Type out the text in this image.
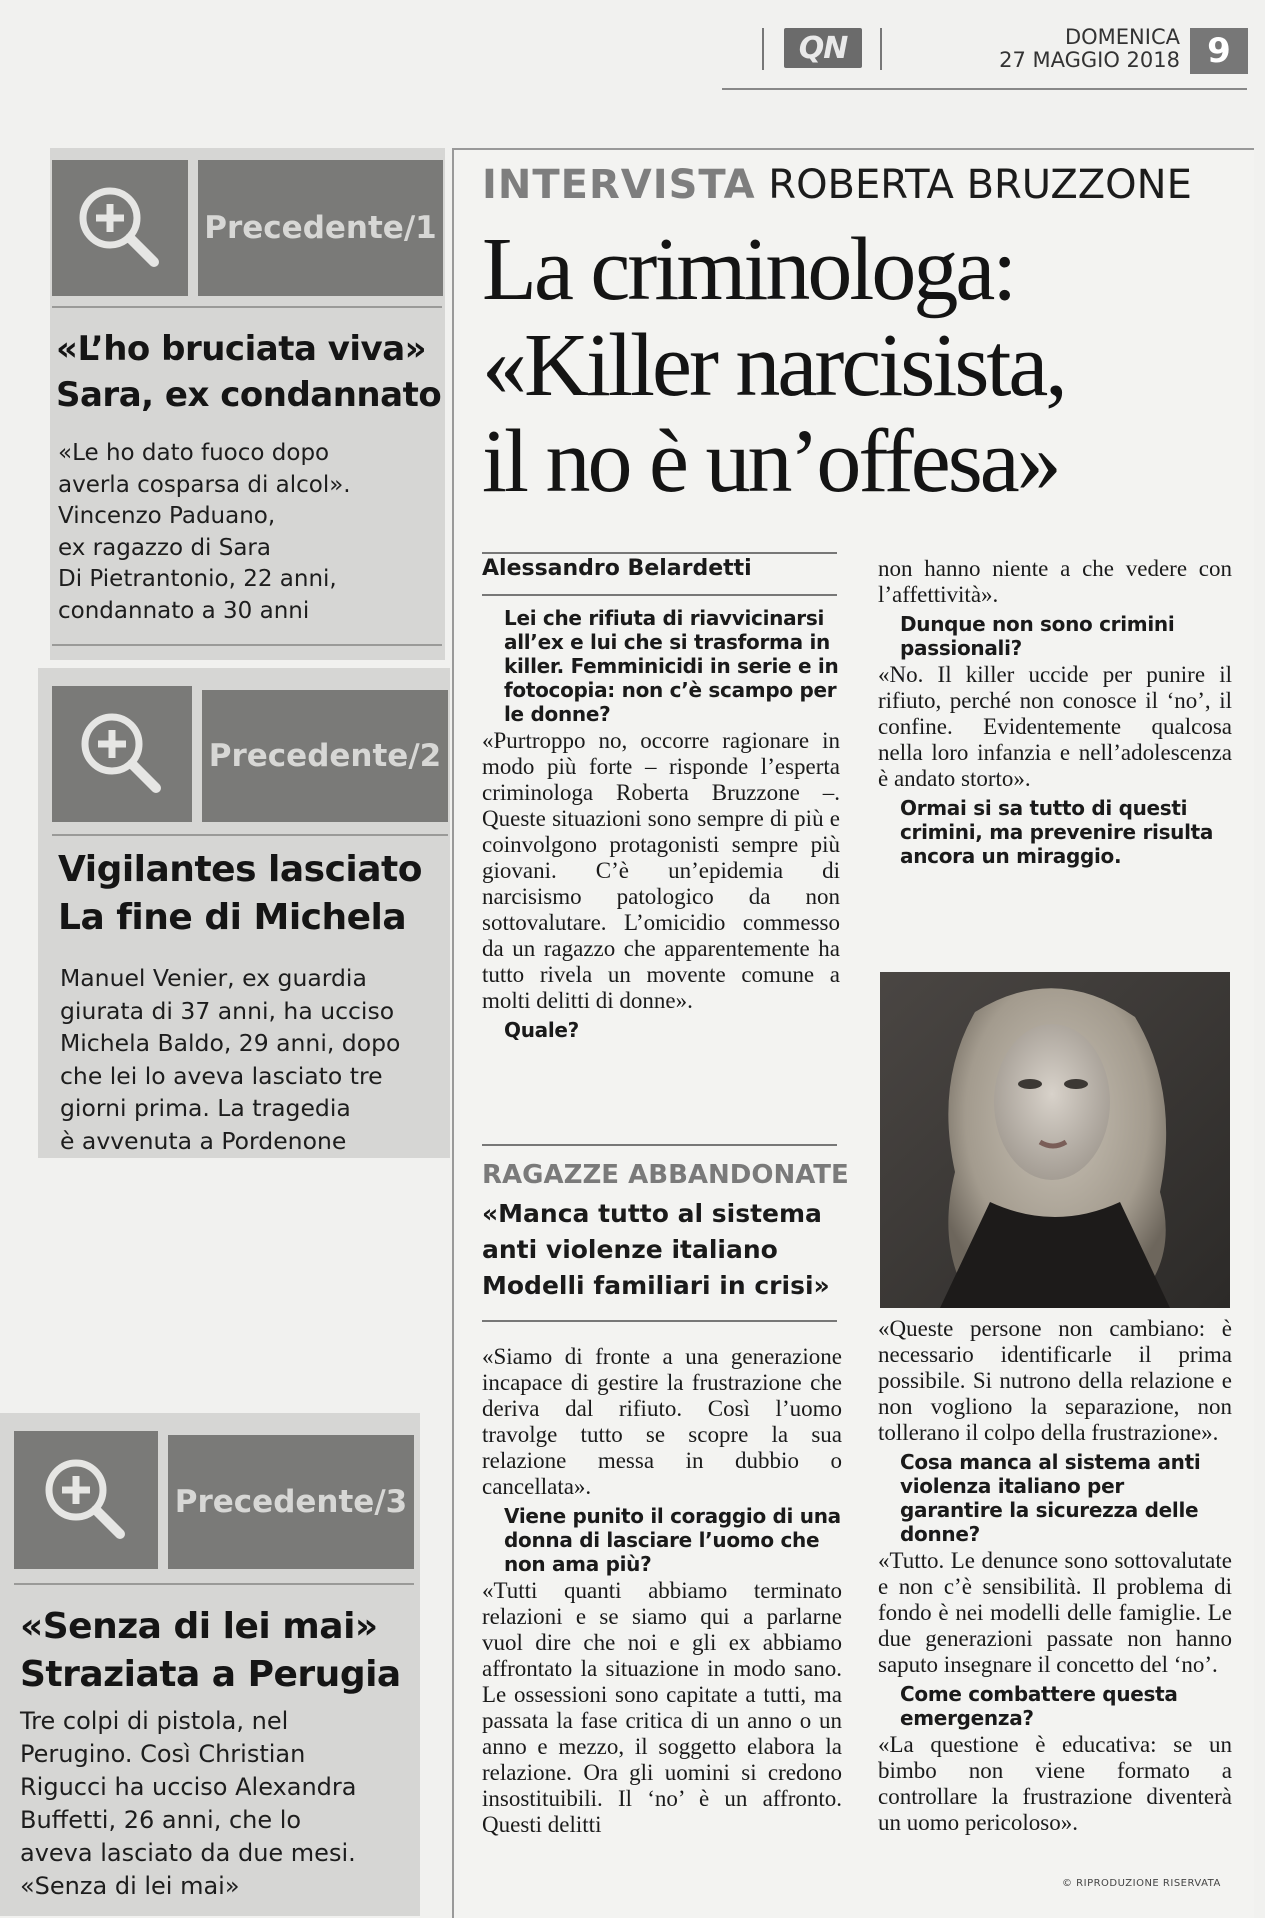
QN	DOMENICA
27 MAGGIO 2018 9
Precedente/1
«L’ho bruciata viva»
Sara, ex condannato
«Le ho dato fuoco dopo
averla cosparsa di alcol».
Vincenzo Paduano,
ex ragazzo di Sara
Di Pietrantonio, 22 anni,
condannato a 30 anni
Precedente/2
Vigilantes lasciato
La fine di Michela
Manuel Venier, ex guardia
giurata di 37 anni, ha ucciso
Michela Baldo, 29 anni, dopo
che lei lo aveva lasciato tre
giorni prima. La tragedia
è avvenuta a Pordenone
Precedente/3
«Senza di lei mai»
Straziata a Perugia
Tre colpi di pistola, nel
Perugino. Così Christian
Rigucci ha ucciso Alexandra
Buffetti, 26 anni, che lo
aveva lasciato da due mesi.
«Senza di lei mai»
INTERVISTA ROBERTA BRUZZONE
La criminologa:
«Killer narcisista,
il no è un’offesa»
Alessandro Belardetti
Lei che rifiuta di riavvicinarsi all’ex e lui che si trasforma in killer. Femminicidi in serie e in fotocopia: non c’è scampo per le donne?

«Purtroppo no, occorre ragionare in modo più forte – risponde l’esperta criminologa Roberta Bruzzone –. Queste situazioni sono sempre di più e coinvolgono protagonisti sempre più giovani. C’è un’epidemia di narcisismo patologico da non sottovalutare. L’omicidio commesso da un ragazzo che apparentemente ha tutto rivela un movente comune a molti delitti di donne».

Quale?
RAGAZZE ABBANDONATE
«Manca tutto al sistema anti violenze italiano Modelli familiari in crisi»

«Siamo di fronte a una generazione incapace di gestire la frustrazione che deriva dal rifiuto. Così l’uomo travolge tutto se scopre la sua relazione messa in dubbio o cancellata».

Viene punito il coraggio di una donna di lasciare l’uomo che non ama più?

«Tutti quanti abbiamo terminato relazioni e se siamo qui a parlarne vuol dire che noi e gli ex abbiamo affrontato la situazione in modo sano. Le ossessioni sono capitate a tutti, ma passata la fase critica di un anno o un anno e mezzo, il soggetto elabora la relazione. Ora gli uomini si credono insostituibili. Il ‘no’ è un affronto. Questi delitti

non hanno niente a che vedere con l’affettività».

Dunque non sono crimini passionali?

«No. Il killer uccide per punire il rifiuto, perché non conosce il ‘no’, il confine. Evidentemente qualcosa nella loro infanzia e nell’adolescenza è andato storto».

Ormai si sa tutto di questi crimini, ma prevenire risulta ancora un miraggio.

«Queste persone non cambiano: è necessario identificarle il prima possibile. Si nutrono della relazione e non vogliono la separazione, non tollerano il colpo della frustrazione».

Cosa manca al sistema anti violenza italiano per garantire la sicurezza delle donne?

«Tutto. Le denunce sono sottovalutate e non c’è sensibilità. Il problema di fondo è nei modelli delle famiglie. Le due generazioni passate non hanno saputo insegnare il concetto del ‘no’.

Come combattere questa emergenza?

«La questione è educativa: se un bimbo non viene formato a controllare la frustrazione diventerà un uomo pericoloso».

© RIPRODUZIONE RISERVATA
